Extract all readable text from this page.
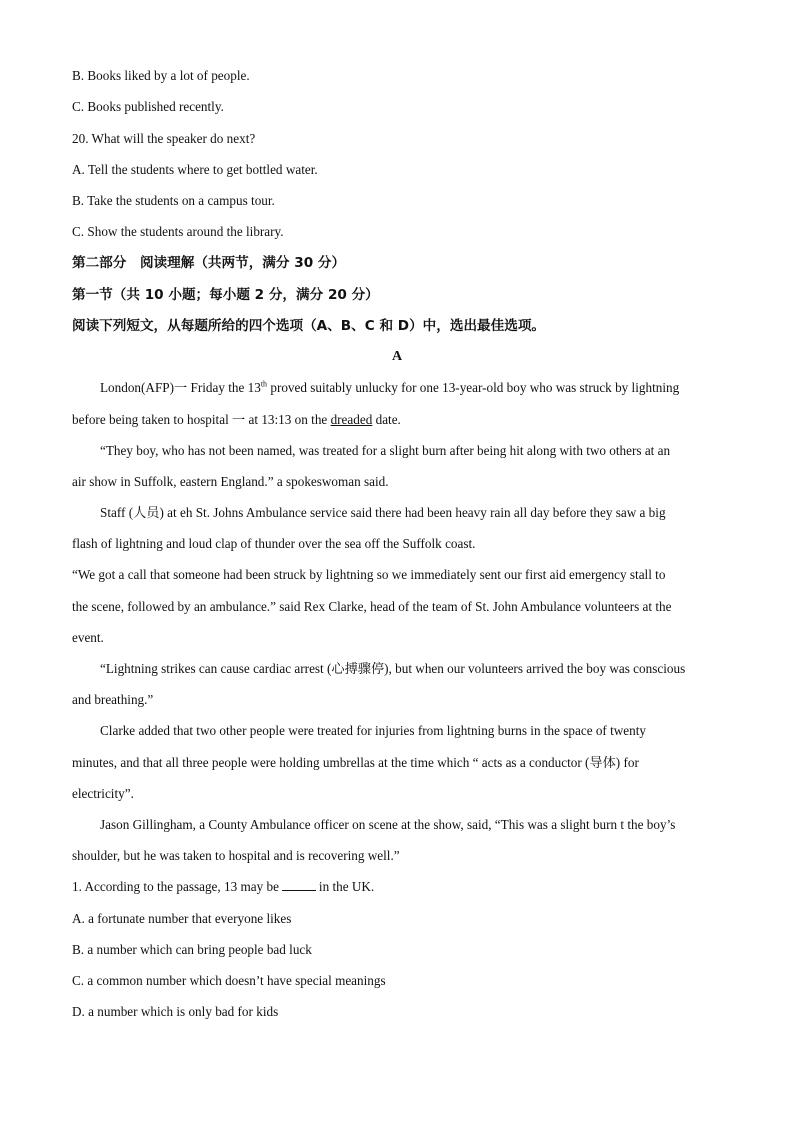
B. Books liked by a lot of people.
C. Books published recently.
20. What will the speaker do next?
A. Tell the students where to get bottled water.
B. Take the students on a campus tour.
C. Show the students around the library.
第二部分　阅读理解（共两节，满分 30 分）
第一节（共 10 小题；每小题 2 分，满分 20 分）
阅读下列短文，从每题所给的四个选项（A、B、C 和 D）中，选出最佳选项。
A
London(AFP)一 Friday the 13th proved suitably unlucky for one 13-year-old boy who was struck by lightning
before being taken to hospital 一 at 13:13 on the dreaded date.
“They boy, who has not been named, was treated for a slight burn after being hit along with two others at an
air show in Suffolk, eastern England.” a spokeswoman said.
Staff (人员) at eh St. Johns Ambulance service said there had been heavy rain all day before they saw a big
flash of lightning and loud clap of thunder over the sea off the Suffolk coast.
“We got a call that someone had been struck by lightning so we immediately sent our first aid emergency stall to
the scene, followed by an ambulance.” said Rex Clarke, head of the team of St. John Ambulance volunteers at the
event.
“Lightning strikes can cause cardiac arrest (心搏骤停), but when our volunteers arrived the boy was conscious
and breathing.”
Clarke added that two other people were treated for injuries from lightning burns in the space of twenty
minutes, and that all three people were holding umbrellas at the time which “ acts as a conductor (导体) for
electricity”.
Jason Gillingham, a County Ambulance officer on scene at the show, said, “This was a slight burn t the boy’s
shoulder, but he was taken to hospital and is recovering well.”
1. According to the passage, 13 may be	in the UK.
A. a fortunate number that everyone likes
B. a number which can bring people bad luck
C. a common number which doesn’t have special meanings
D. a number which is only bad for kids
